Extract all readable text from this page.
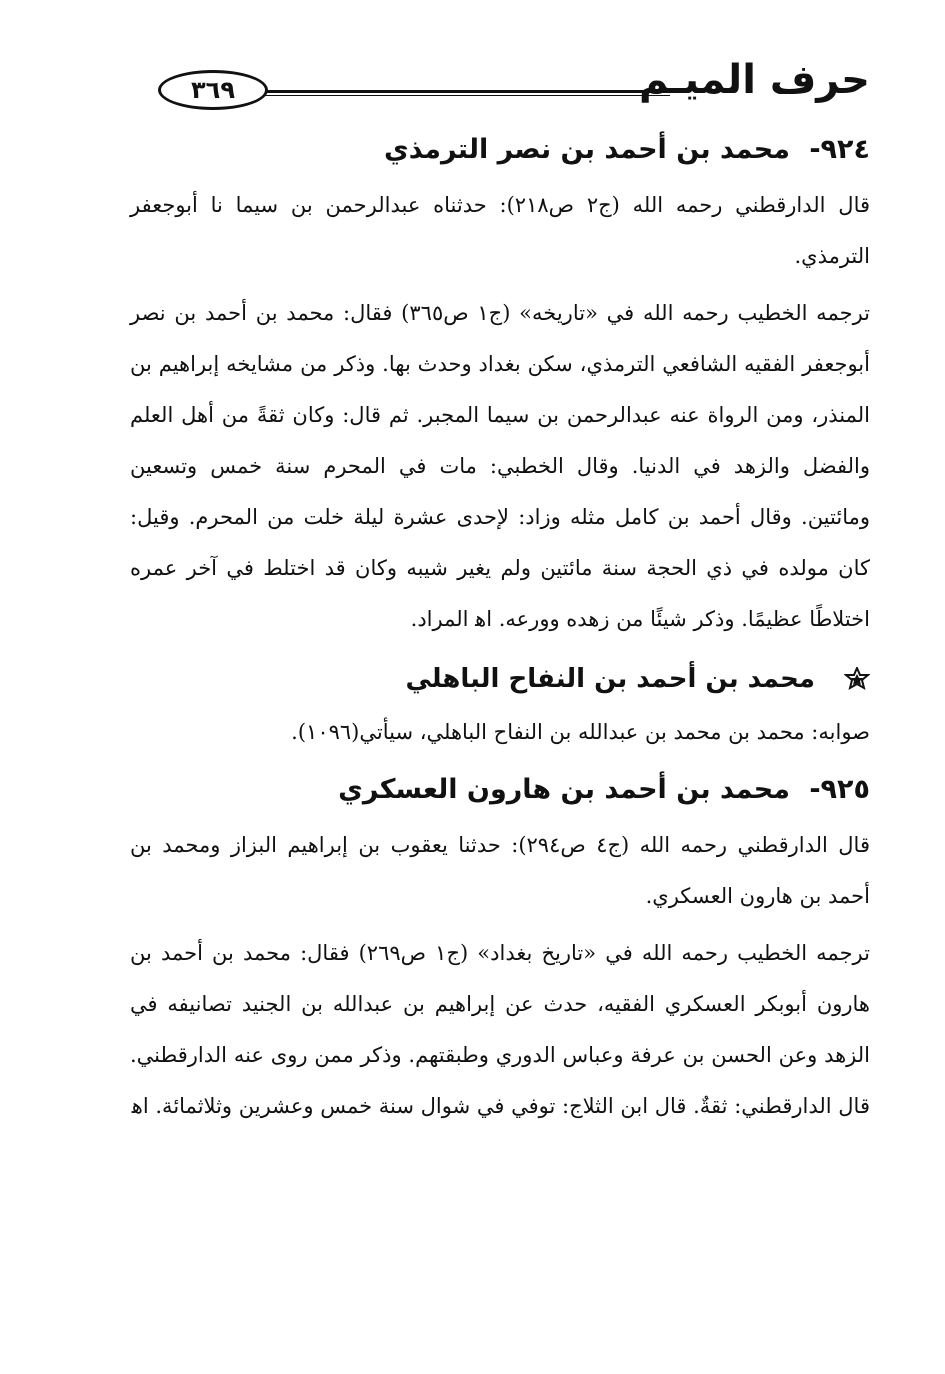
حرف الميـم
٣٦٩
٩٢٤- محمد بن أحمد بن نصر الترمذي

قال الدارقطني رحمه الله (ج٢ ص٢١٨): حدثناه عبدالرحمن بن سيما نا أبوجعفر الترمذي.

ترجمه الخطيب رحمه الله في «تاريخه» (ج١ ص٣٦٥) فقال: محمد بن أحمد بن نصر أبوجعفر الفقيه الشافعي الترمذي، سكن بغداد وحدث بها. وذكر من مشايخه إبراهيم بن المنذر، ومن الرواة عنه عبدالرحمن بن سيما المجبر. ثم قال: وكان ثقةً من أهل العلم والفضل والزهد في الدنيا. وقال الخطبي: مات في المحرم سنة خمس وتسعين ومائتين. وقال أحمد بن كامل مثله وزاد: لإحدى عشرة ليلة خلت من المحرم. وقيل: كان مولده في ذي الحجة سنة مائتين ولم يغير شيبه وكان قد اختلط في آخر عمره اختلاطًا عظيمًا. وذكر شيئًا من زهده وورعه. ا‌ﻫ المراد.

محمد بن أحمد بن النفاح الباهلي

صوابه: محمد بن محمد بن عبدالله بن النفاح الباهلي، سيأتي(١٠٩٦).

٩٢٥- محمد بن أحمد بن هارون العسكري

قال الدارقطني رحمه الله (ج٤ ص٢٩٤): حدثنا يعقوب بن إبراهيم البزاز ومحمد بن أحمد بن هارون العسكري.

ترجمه الخطيب رحمه الله في «تاريخ بغداد» (ج١ ص٢٦٩) فقال: محمد بن أحمد بن هارون أبوبكر العسكري الفقيه، حدث عن إبراهيم بن عبدالله بن الجنيد تصانيفه في الزهد وعن الحسن بن عرفة وعباس الدوري وطبقتهم. وذكر ممن روى عنه الدارقطني. قال الدارقطني: ثقةٌ. قال ابن الثلاج: توفي في شوال سنة خمس وعشرين وثلاثمائة. ا‌ﻫ
